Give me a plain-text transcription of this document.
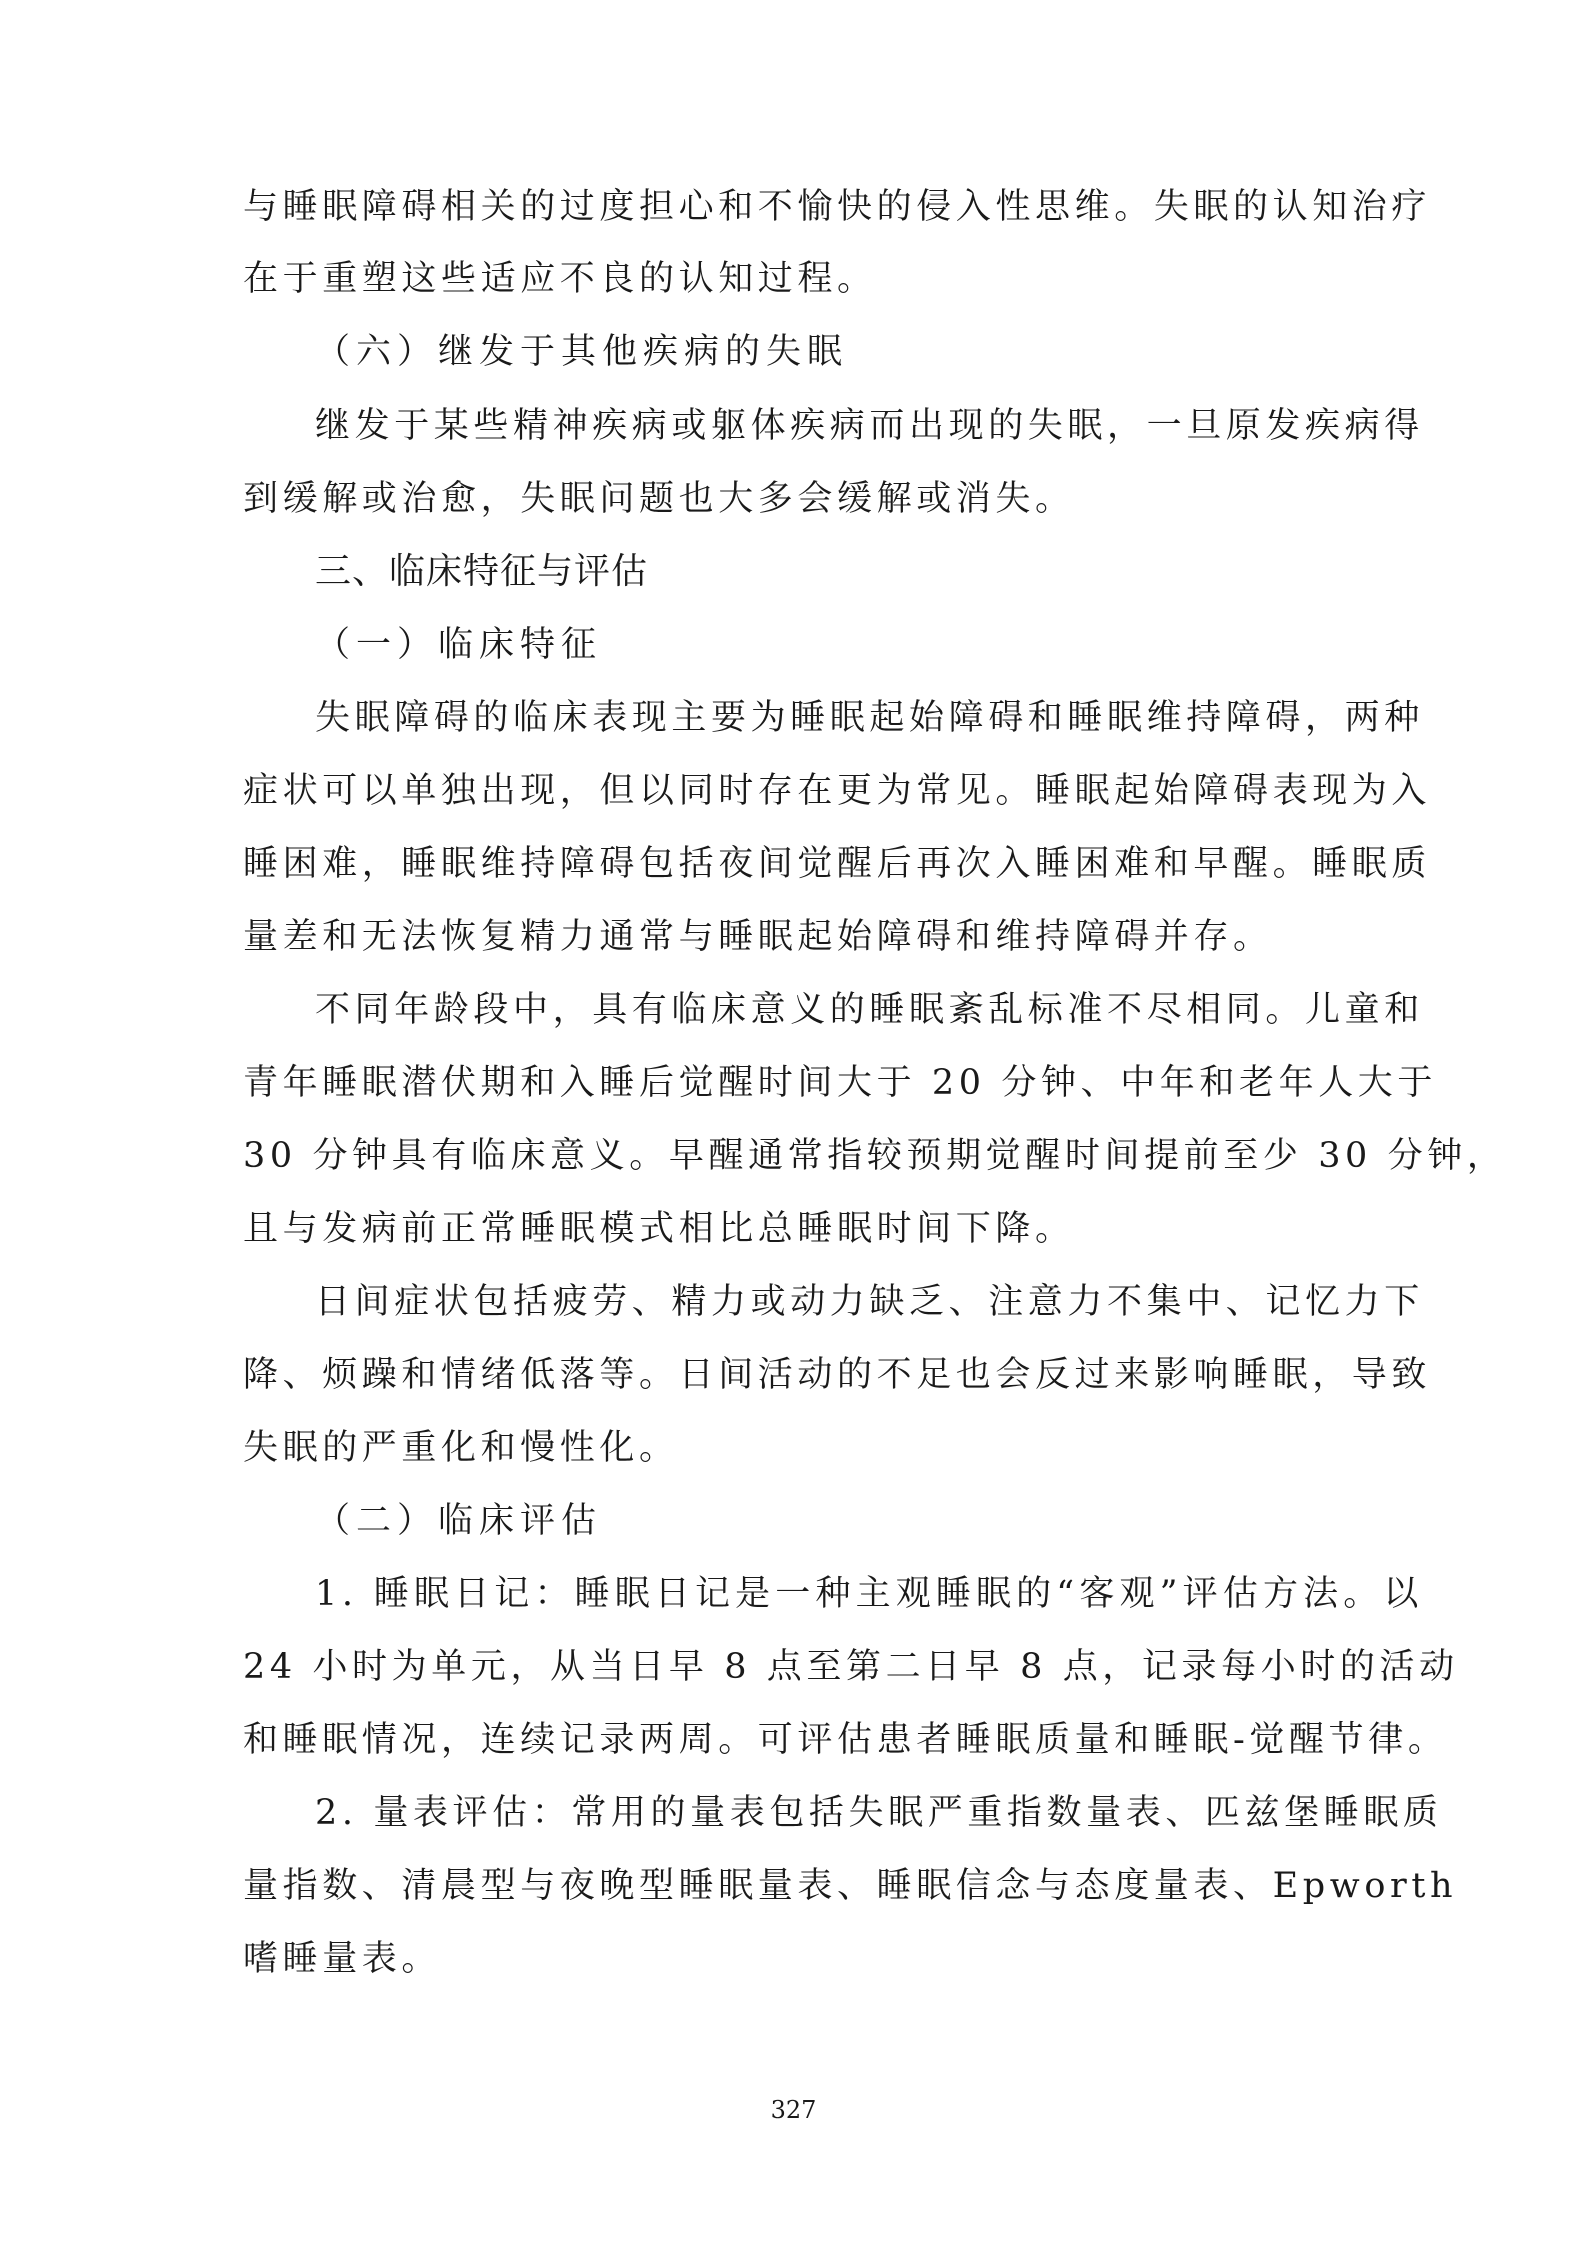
与睡眠障碍相关的过度担心和不愉快的侵入性思维。失眠的认知治疗
在于重塑这些适应不良的认知过程。
（六）继发于其他疾病的失眠
继发于某些精神疾病或躯体疾病而出现的失眠，一旦原发疾病得
到缓解或治愈，失眠问题也大多会缓解或消失。
三、临床特征与评估
（一）临床特征
失眠障碍的临床表现主要为睡眠起始障碍和睡眠维持障碍，两种
症状可以单独出现，但以同时存在更为常见。睡眠起始障碍表现为入
睡困难，睡眠维持障碍包括夜间觉醒后再次入睡困难和早醒。睡眠质
量差和无法恢复精力通常与睡眠起始障碍和维持障碍并存。
不同年龄段中，具有临床意义的睡眠紊乱标准不尽相同。儿童和
青年睡眠潜伏期和入睡后觉醒时间大于 20 分钟、中年和老年人大于
30 分钟具有临床意义。早醒通常指较预期觉醒时间提前至少 30 分钟，
且与发病前正常睡眠模式相比总睡眠时间下降。
日间症状包括疲劳、精力或动力缺乏、注意力不集中、记忆力下
降、烦躁和情绪低落等。日间活动的不足也会反过来影响睡眠，导致
失眠的严重化和慢性化。
（二）临床评估
1. 睡眠日记：睡眠日记是一种主观睡眠的“客观”评估方法。以
24 小时为单元，从当日早 8 点至第二日早 8 点，记录每小时的活动
和睡眠情况，连续记录两周。可评估患者睡眠质量和睡眠-觉醒节律。
2. 量表评估：常用的量表包括失眠严重指数量表、匹兹堡睡眠质
量指数、清晨型与夜晚型睡眠量表、睡眠信念与态度量表、Epworth
嗜睡量表。
327
